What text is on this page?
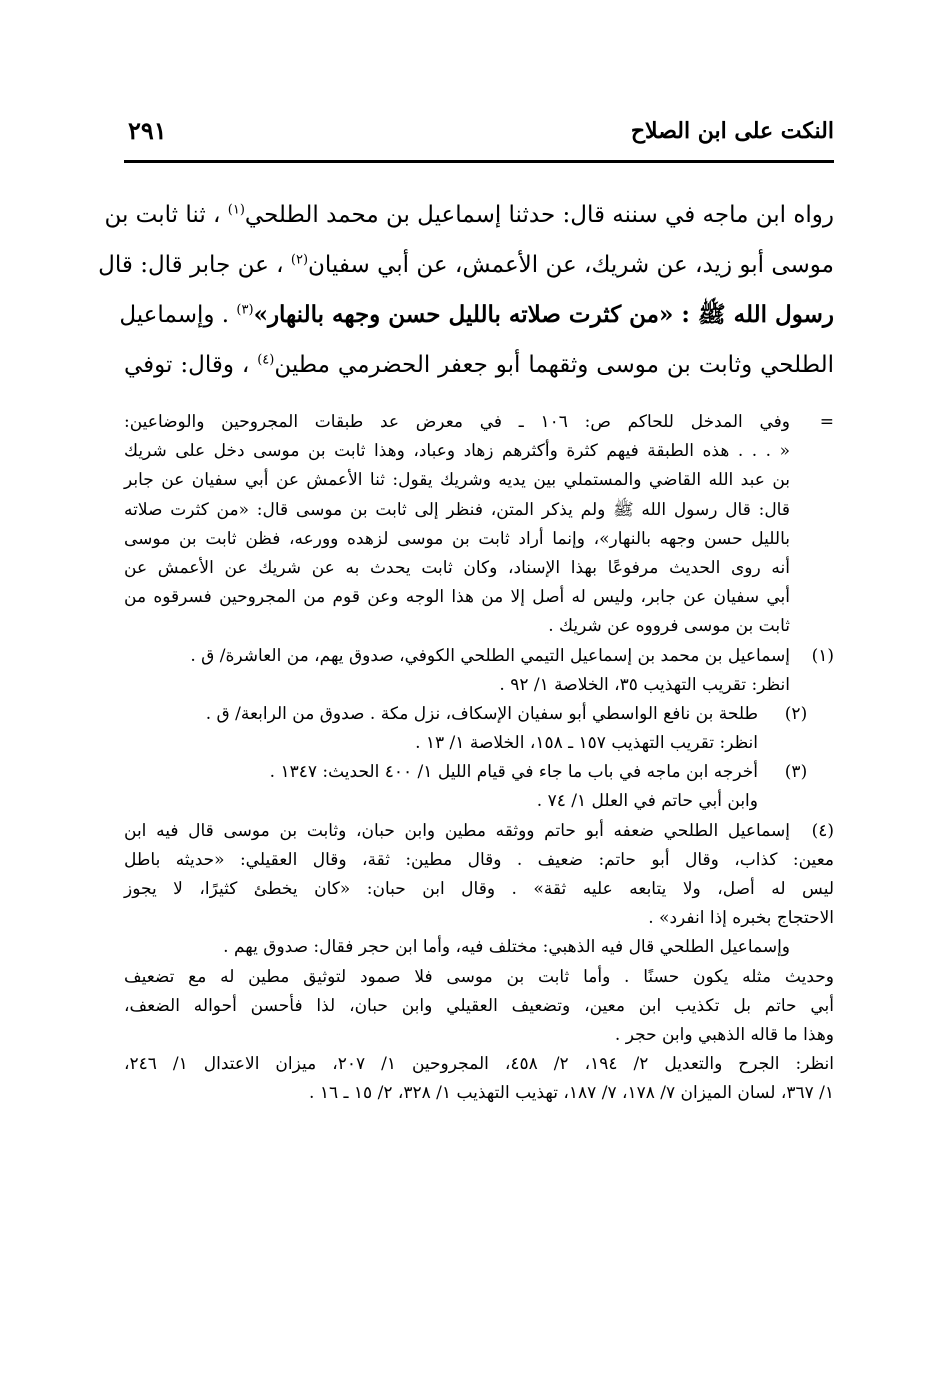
النكت على ابن الصلاح
٢٩١
رواه ابن ماجه في سننه قال: حدثنا إسماعيل بن محمد الطلحي$^{(١)}$ ، ثنا ثابت بن
موسى أبو زيد، عن شريك، عن الأعمش، عن أبي سفيان$^{(٢)}$ ، عن جابر قال: قال
رسول الله ﷺ : «من كثرت صلاته بالليل حسن وجهه بالنهار»$^{(٣)}$ . وإسماعيل
الطلحي وثابت بن موسى وثقهما أبو جعفر الحضرمي مطين$^{(٤)}$ ، وقال: توفي
=وفي المدخل للحاكم ص: ١٠٦ ـ في معرض عد طبقات المجروحين والوضاعين:
« . . . هذه الطبقة فيهم كثرة وأكثرهم زهاد وعباد، وهذا ثابت بن موسى دخل على شريك
بن عبد الله القاضي والمستملي بين يديه وشريك يقول: ثنا الأعمش عن أبي سفيان عن جابر
قال: قال رسول الله ﷺ ولم يذكر المتن، فنظر إلى ثابت بن موسى قال: «من كثرت صلاته
بالليل حسن وجهه بالنهار»، وإنما أراد ثابت بن موسى لزهده وورعه، فظن ثابت بن موسى
أنه روى الحديث مرفوعًا بهذا الإسناد، وكان ثابت يحدث به عن شريك عن الأعمش عن
أبي سفيان عن جابر، وليس له أصل إلا من هذا الوجه وعن قوم من المجروحين فسرقوه من
ثابت بن موسى فرووه عن شريك .
(١)إسماعيل بن محمد بن إسماعيل التيمي الطلحي الكوفي، صدوق يهم، من العاشرة/ ق .
انظر: تقريب التهذيب ٣٥، الخلاصة ١/ ٩٢ .
(٢)طلحة بن نافع الواسطي أبو سفيان الإسكاف، نزل مكة . صدوق من الرابعة/ ق .
انظر: تقريب التهذيب ١٥٧ ـ ١٥٨، الخلاصة ١/ ١٣ .
(٣)أخرجه ابن ماجه في باب ما جاء في قيام الليل ١/ ٤٠٠ الحديث: ١٣٤٧ .
وابن أبي حاتم في العلل ١/ ٧٤ .
(٤)إسماعيل الطلحي ضعفه أبو حاتم ووثقه مطين وابن حبان، وثابت بن موسى قال فيه ابن
معين: كذاب، وقال أبو حاتم: ضعيف . وقال مطين: ثقة، وقال العقيلي: «حديثه باطل
ليس له أصل، ولا يتابعه عليه ثقة» . وقال ابن حبان: «كان يخطئ كثيرًا، لا يجوز
الاحتجاج بخبره إذا انفرد» .
وإسماعيل الطلحي قال فيه الذهبي: مختلف فيه، وأما ابن حجر فقال: صدوق يهم .
وحديث مثله يكون حسنًا . وأما ثابت بن موسى فلا صمود لتوثيق مطين له مع تضعيف
أبي حاتم بل تكذيب ابن معين، وتضعيف العقيلي وابن حبان، لذا فأحسن أحواله الضعف،
وهذا ما قاله الذهبي وابن حجر .
انظر: الجرح والتعديل ٢/ ١٩٤، ٢/ ٤٥٨، المجروحين ١/ ٢٠٧، ميزان الاعتدال ١/ ٢٤٦،
١/ ٣٦٧، لسان الميزان ٧/ ١٧٨، ٧/ ١٨٧، تهذيب التهذيب ١/ ٣٢٨، ٢/ ١٥ ـ ١٦ .
